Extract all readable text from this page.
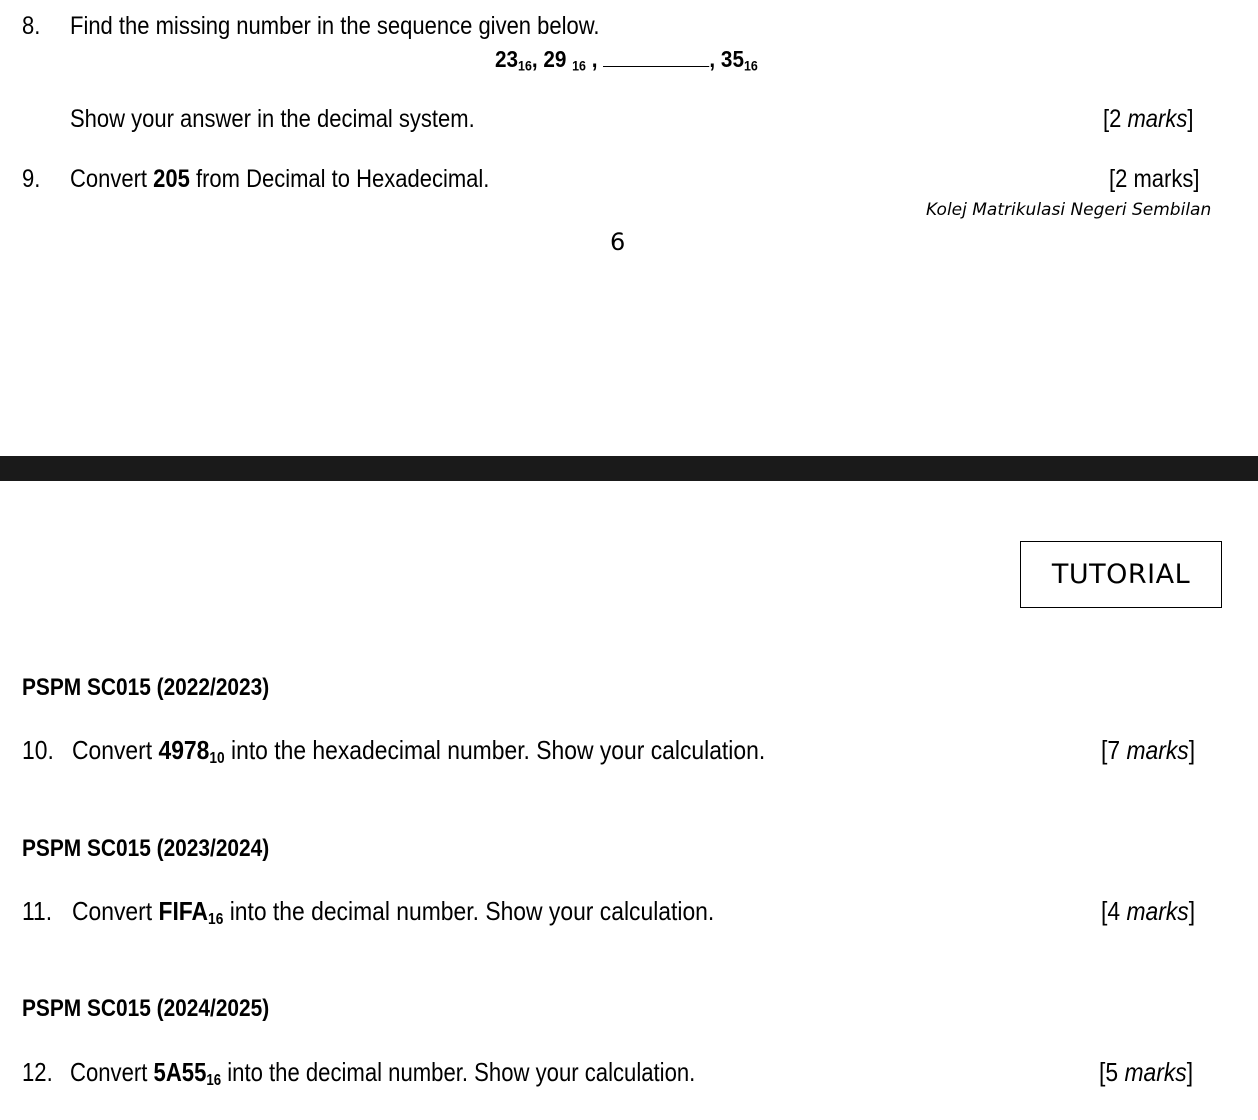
8. Find the missing number in the sequence given below.
$23_{16}$, 29 $_{16}$ ,	, $35_{16}$
Show your answer in the decimal system.	[2 marks]
9. Convert 205 from Decimal to Hexadecimal.	[2 marks]
Kolej Matrikulasi Negeri Sembilan
6
TUTORIAL
PSPM SC015 (2022/2023)
10. Convert $4978_{10}$ into the hexadecimal number. Show your calculation.	[7 marks]
PSPM SC015 (2023/2024)
11. Convert $FIFA_{16}$ into the decimal number. Show your calculation.	[4 marks]
PSPM SC015 (2024/2025)
12. Convert $5A55_{16}$ into the decimal number. Show your calculation.	[5 marks]
